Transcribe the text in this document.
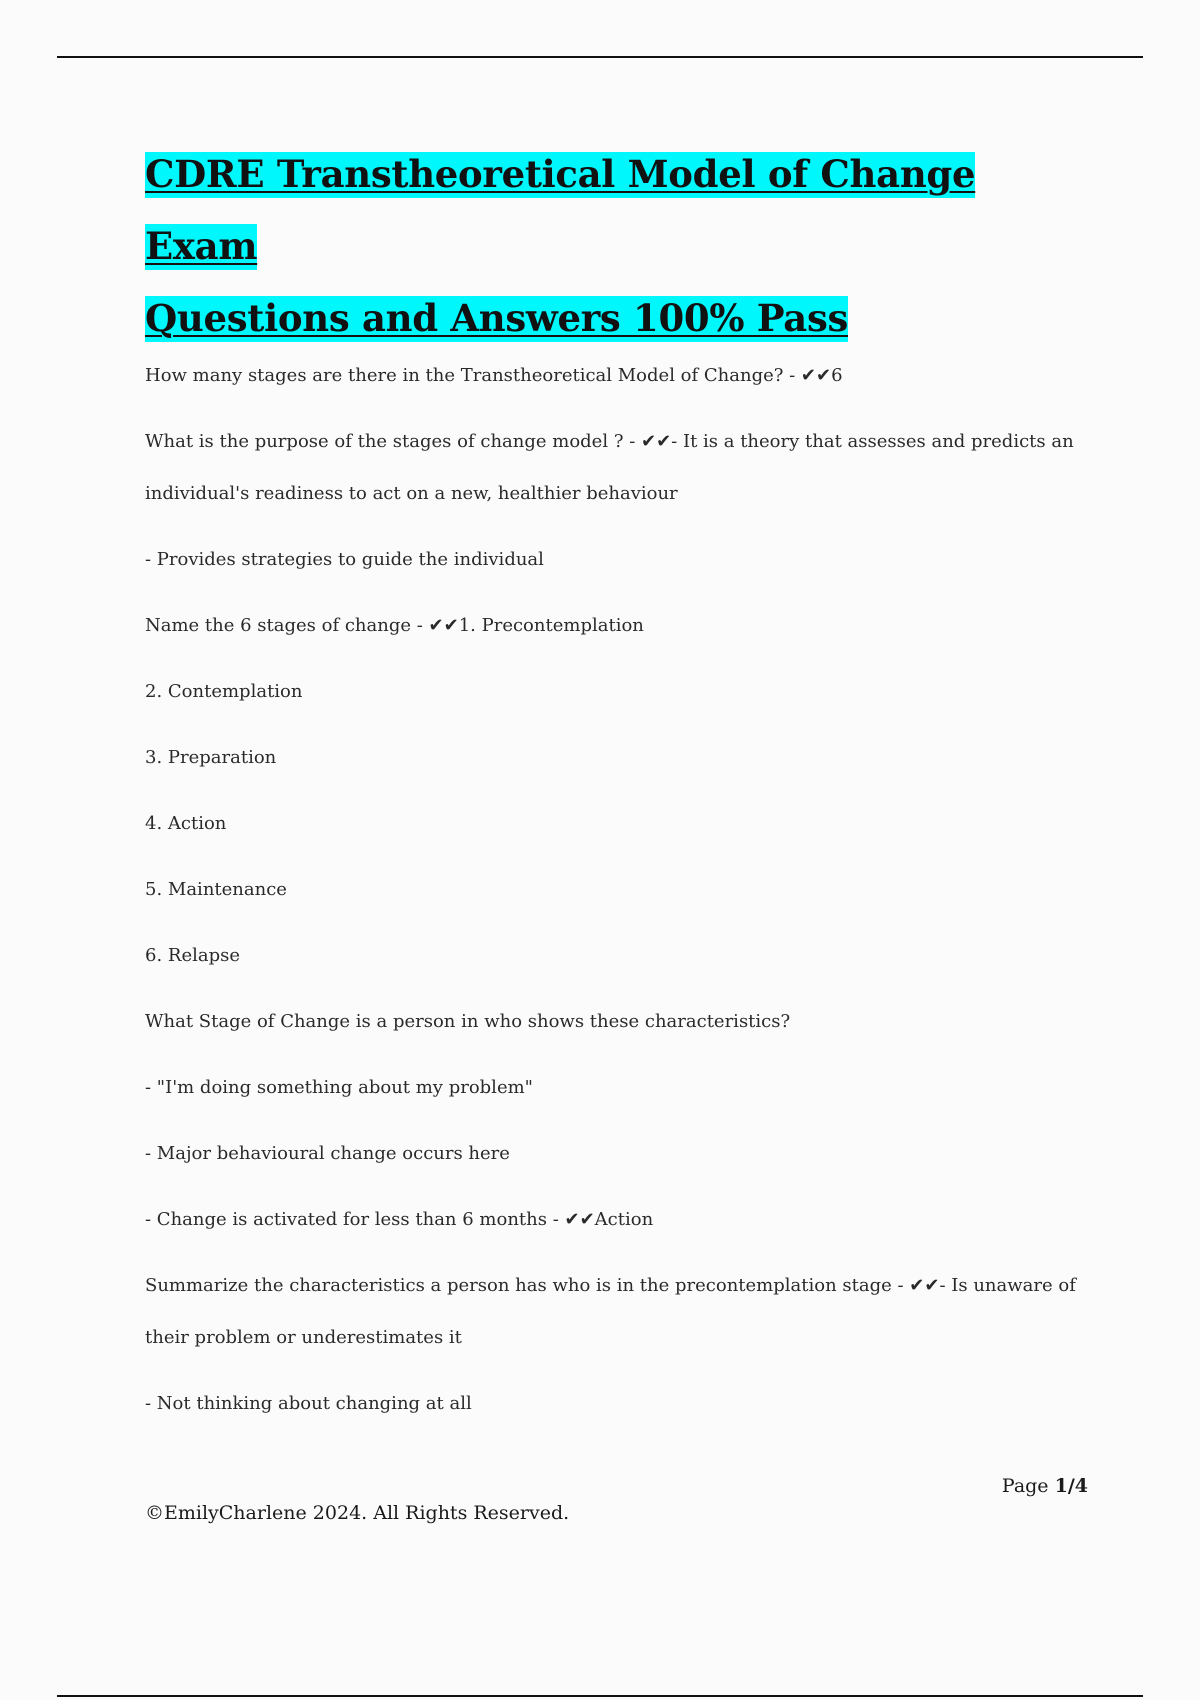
CDRE Transtheoretical Model of Change Exam
Questions and Answers 100% Pass

How many stages are there in the Transtheoretical Model of Change? - ✔✔6

What is the purpose of the stages of change model ? - ✔✔- It is a theory that assesses and predicts an

individual's readiness to act on a new, healthier behaviour

- Provides strategies to guide the individual

Name the 6 stages of change - ✔✔1. Precontemplation

2. Contemplation

3. Preparation

4. Action

5. Maintenance

6. Relapse

What Stage of Change is a person in who shows these characteristics?

- "I'm doing something about my problem"

- Major behavioural change occurs here

- Change is activated for less than 6 months - ✔✔Action

Summarize the characteristics a person has who is in the precontemplation stage - ✔✔- Is unaware of

their problem or underestimates it

- Not thinking about changing at all

Page 1/4
©EmilyCharlene 2024. All Rights Reserved.
